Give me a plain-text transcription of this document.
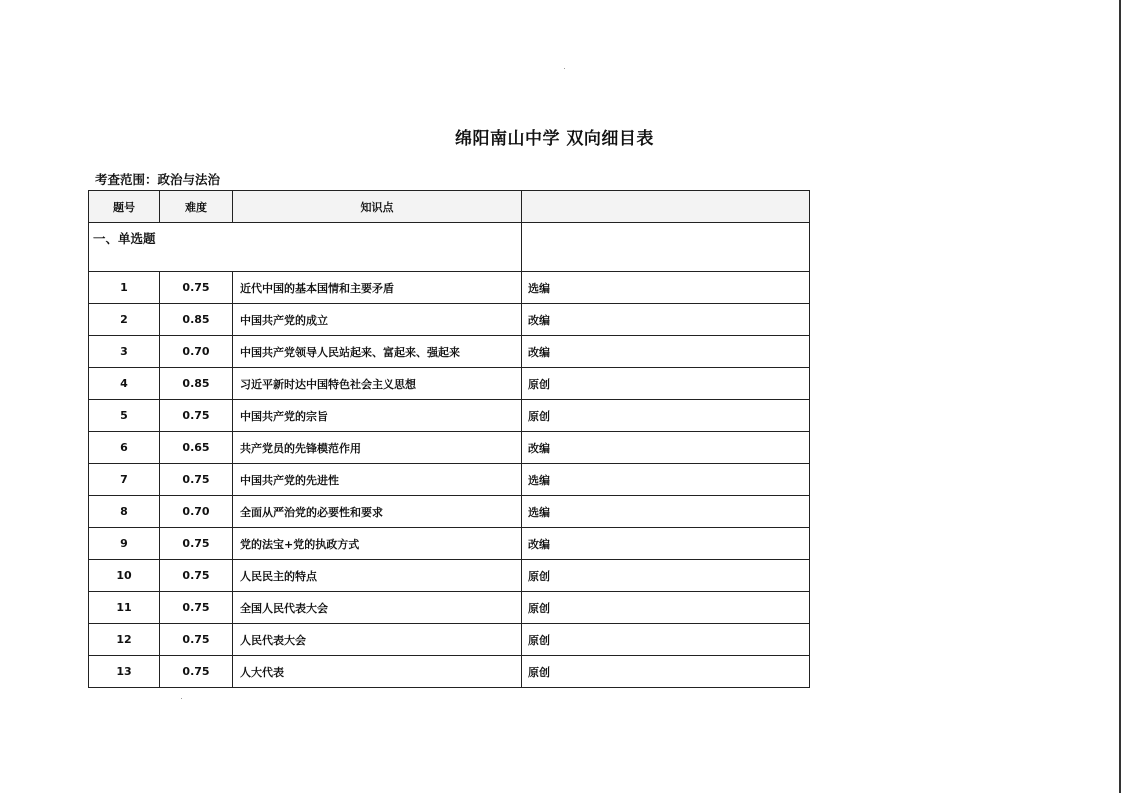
绵阳南山中学 双向细目表
考查范围：政治与法治
题号	难度	知识点	
一、单选题			
1	0.75	近代中国的基本国情和主要矛盾	选编
2	0.85	中国共产党的成立	改编
3	0.70	中国共产党领导人民站起来、富起来、强起来	改编
4	0.85	习近平新时达中国特色社会主义思想	原创
5	0.75	中国共产党的宗旨	原创
6	0.65	共产党员的先锋模范作用	改编
7	0.75	中国共产党的先进性	选编
8	0.70	全面从严治党的必要性和要求	选编
9	0.75	党的法宝+党的执政方式	改编
10	0.75	人民民主的特点	原创
11	0.75	全国人民代表大会	原创
12	0.75	人民代表大会	原创
13	0.75	人大代表	原创
